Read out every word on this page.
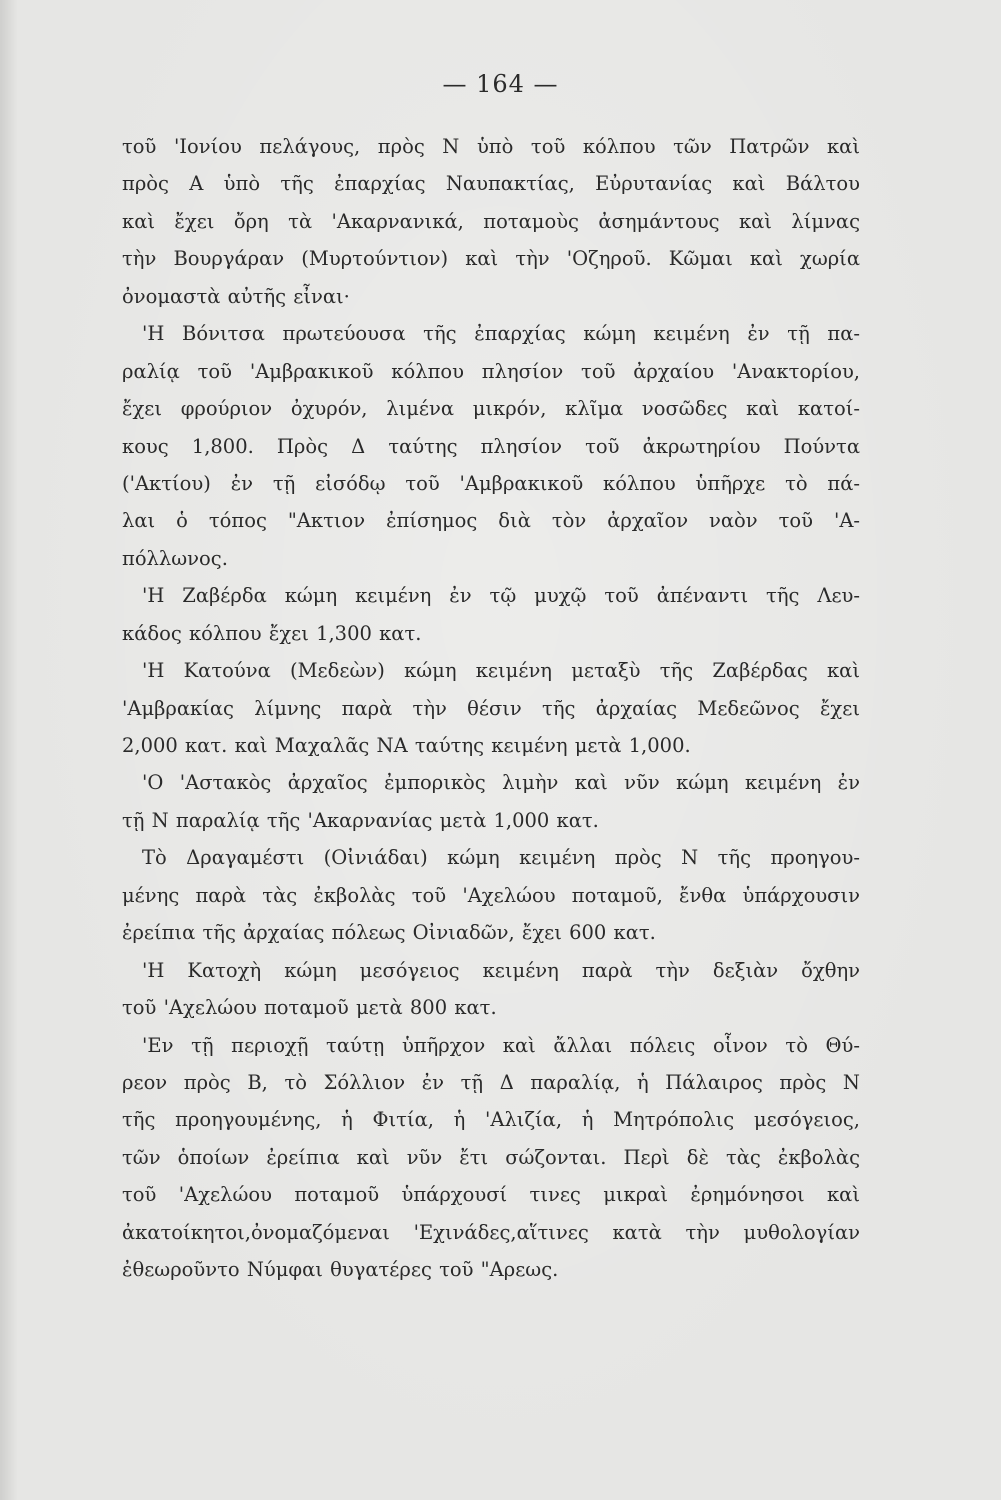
— 164 —
τοῦ 'Ιονίου πελάγους, πρὸς Ν ὑπὸ τοῦ κόλπου τῶν Πατρῶν καὶ
πρὸς Α ὑπὸ τῆς ἐπαρχίας Ναυπακτίας, Εὐρυτανίας καὶ Βάλτου
καὶ ἔχει ὄρη τὰ 'Ακαρνανικά, ποταμοὺς ἀσημάντους καὶ λίμνας
τὴν Βουργάραν (Μυρτούντιον) καὶ τὴν 'Οζηροῦ. Κῶμαι καὶ χωρία
ὀνομαστὰ αὐτῆς εἶναι·
'Η Βόνιτσα πρωτεύουσα τῆς ἐπαρχίας κώμη κειμένη ἐν τῇ πα-
ραλίᾳ τοῦ 'Αμβρακικοῦ κόλπου πλησίον τοῦ ἀρχαίου 'Ανακτορίου,
ἔχει φρούριον ὀχυρόν, λιμένα μικρόν, κλῖμα νοσῶδες καὶ κατοί-
κους 1,800. Πρὸς Δ ταύτης πλησίον τοῦ ἀκρωτηρίου Πούντα
('Ακτίου) ἐν τῇ εἰσόδῳ τοῦ 'Αμβρακικοῦ κόλπου ὑπῆρχε τὸ πά-
λαι ὁ τόπος "Ακτιον ἐπίσημος διὰ τὸν ἀρχαῖον ναὸν τοῦ 'Α-
πόλλωνος.
'Η Ζαβέρδα κώμη κειμένη ἐν τῷ μυχῷ τοῦ ἀπέναντι τῆς Λευ-
κάδος κόλπου ἔχει 1,300 κατ.
'Η Κατούνα (Μεδεὼν) κώμη κειμένη μεταξὺ τῆς Ζαβέρδας καὶ
'Αμβρακίας λίμνης παρὰ τὴν θέσιν τῆς ἀρχαίας Μεδεῶνος ἔχει
2,000 κατ. καὶ Μαχαλᾶς ΝΑ ταύτης κειμένη μετὰ 1,000.
'Ο 'Αστακὸς ἀρχαῖος ἐμπορικὸς λιμὴν καὶ νῦν κώμη κειμένη ἐν
τῇ Ν παραλίᾳ τῆς 'Ακαρνανίας μετὰ 1,000 κατ.
Τὸ Δραγαμέστι (Οἰνιάδαι) κώμη κειμένη πρὸς Ν τῆς προηγου-
μένης παρὰ τὰς ἐκβολὰς τοῦ 'Αχελώου ποταμοῦ, ἔνθα ὑπάρχουσιν
ἐρείπια τῆς ἀρχαίας πόλεως Οἰνιαδῶν, ἔχει 600 κατ.
'Η Κατοχὴ κώμη μεσόγειος κειμένη παρὰ τὴν δεξιὰν ὄχθην
τοῦ 'Αχελώου ποταμοῦ μετὰ 800 κατ.
'Εν τῇ περιοχῇ ταύτῃ ὑπῆρχον καὶ ἄλλαι πόλεις οἷνον τὸ Θύ-
ρεον πρὸς Β, τὸ Σόλλιον ἐν τῇ Δ παραλίᾳ, ἡ Πάλαιρος πρὸς Ν
τῆς προηγουμένης, ἡ Φιτία, ἡ 'Αλιζία, ἡ Μητρόπολις μεσόγειος,
τῶν ὁποίων ἐρείπια καὶ νῦν ἔτι σώζονται. Περὶ δὲ τὰς ἐκβολὰς
τοῦ 'Αχελώου ποταμοῦ ὑπάρχουσί τινες μικραὶ ἐρημόνησοι καὶ
ἀκατοίκητοι,ὀνομαζόμεναι 'Εχινάδες,αἵτινες κατὰ τὴν μυθολογίαν
ἐθεωροῦντο Νύμφαι θυγατέρες τοῦ "Αρεως.
